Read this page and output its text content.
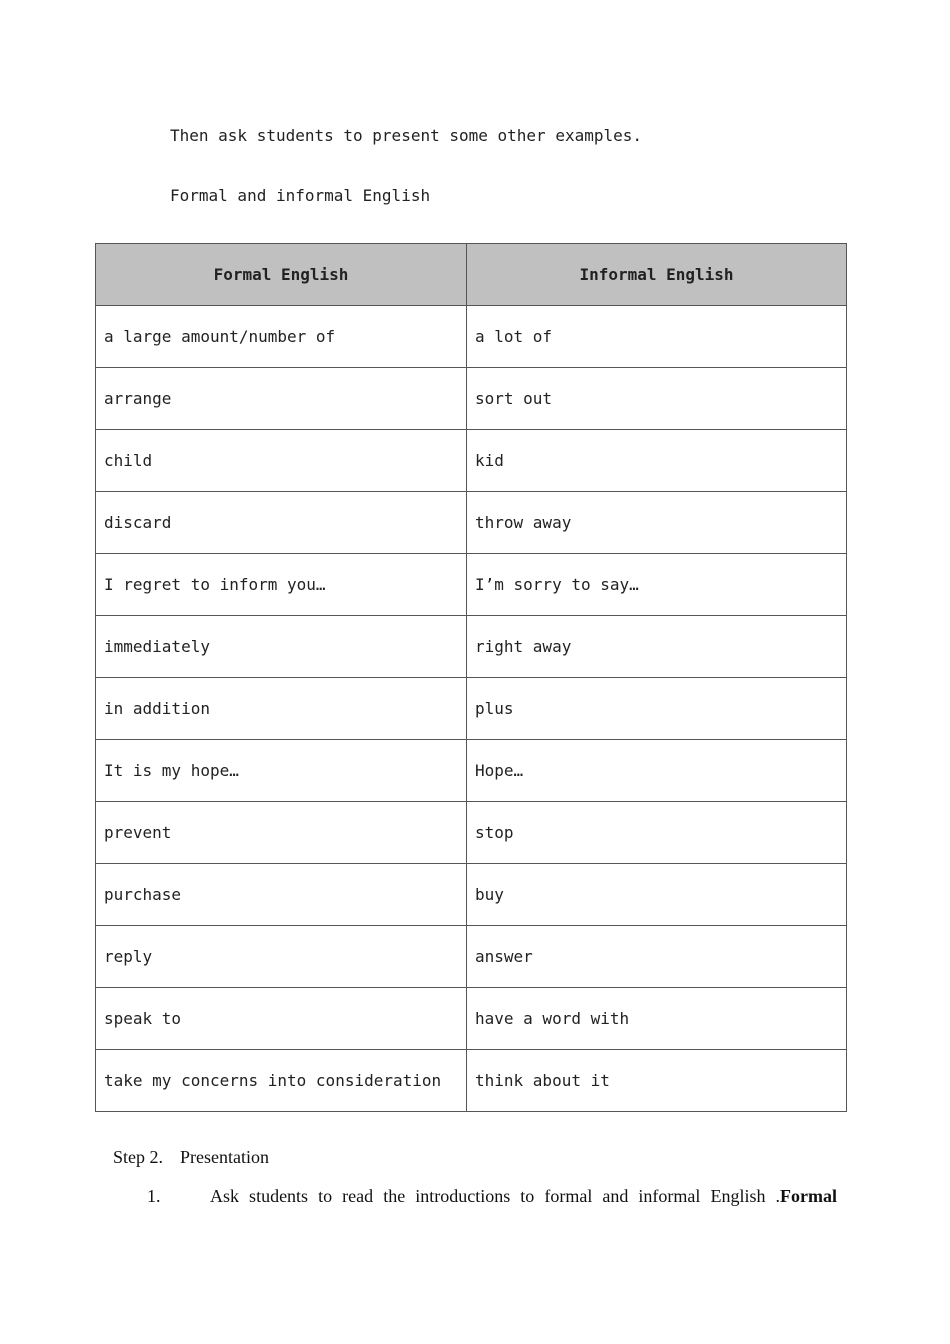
Then ask students to present some other examples.
Formal and informal English
Formal English	Informal English
a large amount/number of	a lot of
arrange	sort out
child	kid
discard	throw away
I regret to inform you…	I’m sorry to say…
immediately	right away
in addition	plus
It is my hope…	Hope…
prevent	stop
purchase	buy
reply	answer
speak to	have a word with
take my concerns into consideration	think about it
Step 2. Presentation
1.	Ask students to read the introductions to formal and informal English .Formal
